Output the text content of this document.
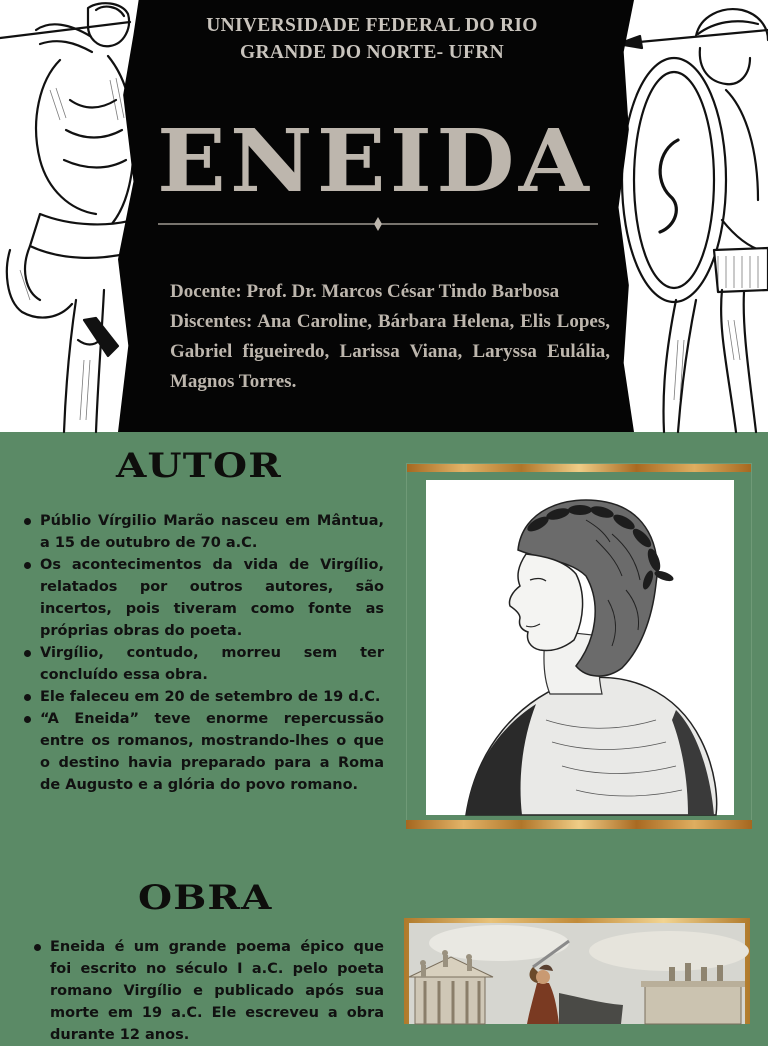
UNIVERSIDADE FEDERAL DO RIO
GRANDE DO NORTE- UFRN
ENEIDA

Docente: Prof. Dr. Marcos César Tindo Barbosa

Discentes: Ana Caroline, Bárbara Helena, Elis Lopes, Gabriel figueiredo, Larissa Viana, Laryssa Eulália, Magnos Torres.

AUTOR
Públio Vírgilio Marão nasceu em Mântua, a 15 de outubro de 70 a.C.
Os acontecimentos da vida de Virgílio, relatados por outros autores, são incertos, pois tiveram como fonte as próprias obras do poeta.
Virgílio, contudo, morreu sem ter concluído essa obra.
Ele faleceu em 20 de setembro de 19 d.C.
“A Eneida” teve enorme repercussão entre os romanos, mostrando-lhes o que o destino havia preparado para a Roma de Augusto e a glória do povo romano.
OBRA
Eneida é um grande poema épico que foi escrito no século I a.C. pelo poeta romano Virgílio e publicado após sua morte em 19 a.C. Ele escreveu a obra durante 12 anos.
